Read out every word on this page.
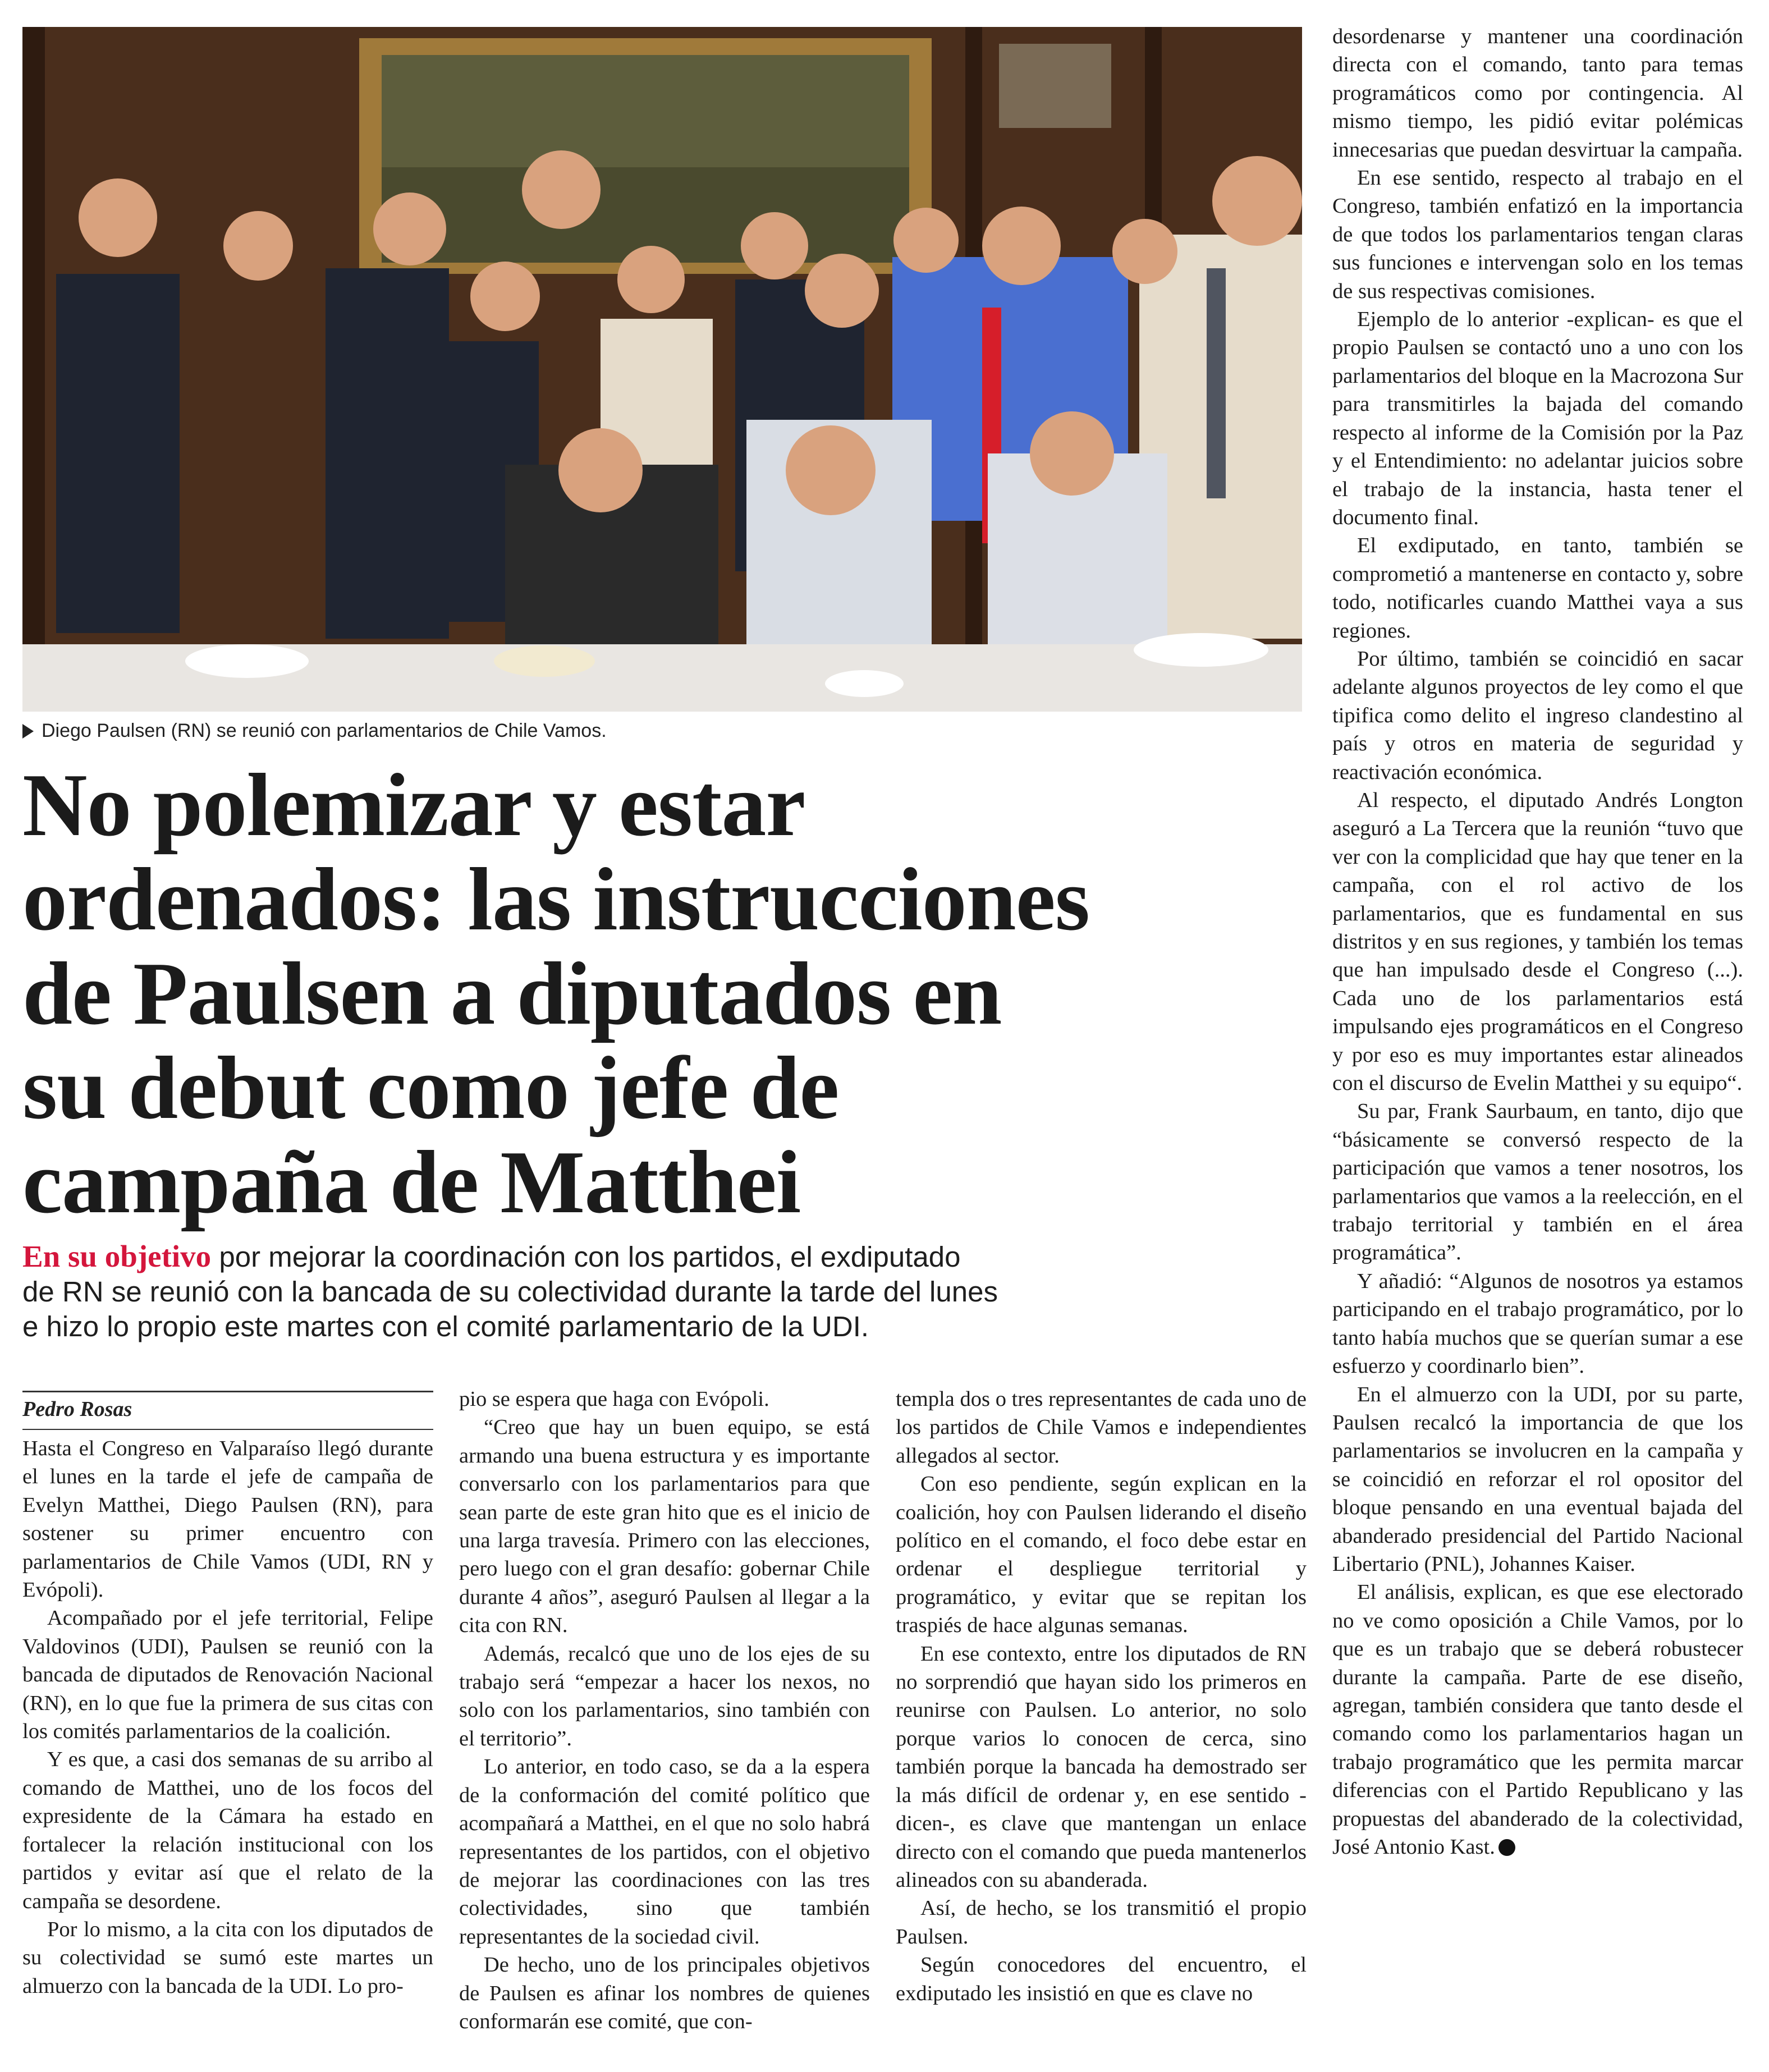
Diego Paulsen (RN) se reunió con parlamentarios de Chile Vamos.
No polemizar y estar
ordenados: las instrucciones
de Paulsen a diputados en
su debut como jefe de
campaña de Matthei
En su objetivo por mejorar la coordinación con los partidos, el exdiputado
de RN se reunió con la bancada de su colectividad durante la tarde del lunes
e hizo lo propio este martes con el comité parlamentario de la UDI.
Pedro Rosas

Hasta el Congreso en Valparaíso llegó durante el lunes en la tarde el jefe de campaña de Evelyn Matthei, Diego Paulsen (RN), para sostener su primer encuentro con parlamentarios de Chile Vamos (UDI, RN y Evópoli).

Acompañado por el jefe territorial, Felipe Valdovinos (UDI), Paulsen se reunió con la bancada de diputados de Renovación Nacional (RN), en lo que fue la primera de sus citas con los comités parlamentarios de la coalición.

Y es que, a casi dos semanas de su arribo al comando de Matthei, uno de los focos del expresidente de la Cámara ha estado en fortalecer la relación institucional con los partidos y evitar así que el relato de la campaña se desordene.

Por lo mismo, a la cita con los diputados de su colectividad se sumó este martes un almuerzo con la bancada de la UDI. Lo pro-

pio se espera que haga con Evópoli.

“Creo que hay un buen equipo, se está armando una buena estructura y es importante conversarlo con los parlamentarios para que sean parte de este gran hito que es el inicio de una larga travesía. Primero con las elecciones, pero luego con el gran desafío: gobernar Chile durante 4 años”, aseguró Paulsen al llegar a la cita con RN.

Además, recalcó que uno de los ejes de su trabajo será “empezar a hacer los nexos, no solo con los parlamentarios, sino también con el territorio”.

Lo anterior, en todo caso, se da a la espera de la conformación del comité político que acompañará a Matthei, en el que no solo habrá representantes de los partidos, con el objetivo de mejorar las coordinaciones con las tres colectividades, sino que también representantes de la sociedad civil.

De hecho, uno de los principales objetivos de Paulsen es afinar los nombres de quienes conformarán ese comité, que con-

templa dos o tres representantes de cada uno de los partidos de Chile Vamos e independientes allegados al sector.

Con eso pendiente, según explican en la coalición, hoy con Paulsen liderando el diseño político en el comando, el foco debe estar en ordenar el despliegue territorial y programático, y evitar que se repitan los traspiés de hace algunas semanas.

En ese contexto, entre los diputados de RN no sorprendió que hayan sido los primeros en reunirse con Paulsen. Lo anterior, no solo porque varios lo conocen de cerca, sino también porque la bancada ha demostrado ser la más difícil de ordenar y, en ese sentido -dicen-, es clave que mantengan un enlace directo con el comando que pueda mantenerlos alineados con su abanderada.

Así, de hecho, se los transmitió el propio Paulsen.

Según conocedores del encuentro, el exdiputado les insistió en que es clave no

desordenarse y mantener una coordinación directa con el comando, tanto para temas programáticos como por contingencia. Al mismo tiempo, les pidió evitar polémicas innecesarias que puedan desvirtuar la campaña.

En ese sentido, respecto al trabajo en el Congreso, también enfatizó en la importancia de que todos los parlamentarios tengan claras sus funciones e intervengan solo en los temas de sus respectivas comisiones.

Ejemplo de lo anterior -explican- es que el propio Paulsen se contactó uno a uno con los parlamentarios del bloque en la Macrozona Sur para transmitirles la bajada del comando respecto al informe de la Comisión por la Paz y el Entendimiento: no adelantar juicios sobre el trabajo de la instancia, hasta tener el documento final.

El exdiputado, en tanto, también se comprometió a mantenerse en contacto y, sobre todo, notificarles cuando Matthei vaya a sus regiones.

Por último, también se coincidió en sacar adelante algunos proyectos de ley como el que tipifica como delito el ingreso clandestino al país y otros en materia de seguridad y reactivación económica.

Al respecto, el diputado Andrés Longton aseguró a La Tercera que la reunión “tuvo que ver con la complicidad que hay que tener en la campaña, con el rol activo de los parlamentarios, que es fundamental en sus distritos y en sus regiones, y también los temas que han impulsado desde el Congreso (...). Cada uno de los parlamentarios está impulsando ejes programáticos en el Congreso y por eso es muy importantes estar alineados con el discurso de Evelin Matthei y su equipo“.

Su par, Frank Saurbaum, en tanto, dijo que “básicamente se conversó respecto de la participación que vamos a tener nosotros, los parlamentarios que vamos a la reelección, en el trabajo territorial y también en el área programática”.

Y añadió: “Algunos de nosotros ya estamos participando en el trabajo programático, por lo tanto había muchos que se querían sumar a ese esfuerzo y coordinarlo bien”.

En el almuerzo con la UDI, por su parte, Paulsen recalcó la importancia de que los parlamentarios se involucren en la campaña y se coincidió en reforzar el rol opositor del bloque pensando en una eventual bajada del abanderado presidencial del Partido Nacional Libertario (PNL), Johannes Kaiser.

El análisis, explican, es que ese electorado no ve como oposición a Chile Vamos, por lo que es un trabajo que se deberá robustecer durante la campaña. Parte de ese diseño, agregan, también considera que tanto desde el comando como los parlamentarios hagan un trabajo programático que les permita marcar diferencias con el Partido Republicano y las propuestas del abanderado de la colectividad, José Antonio Kast.
